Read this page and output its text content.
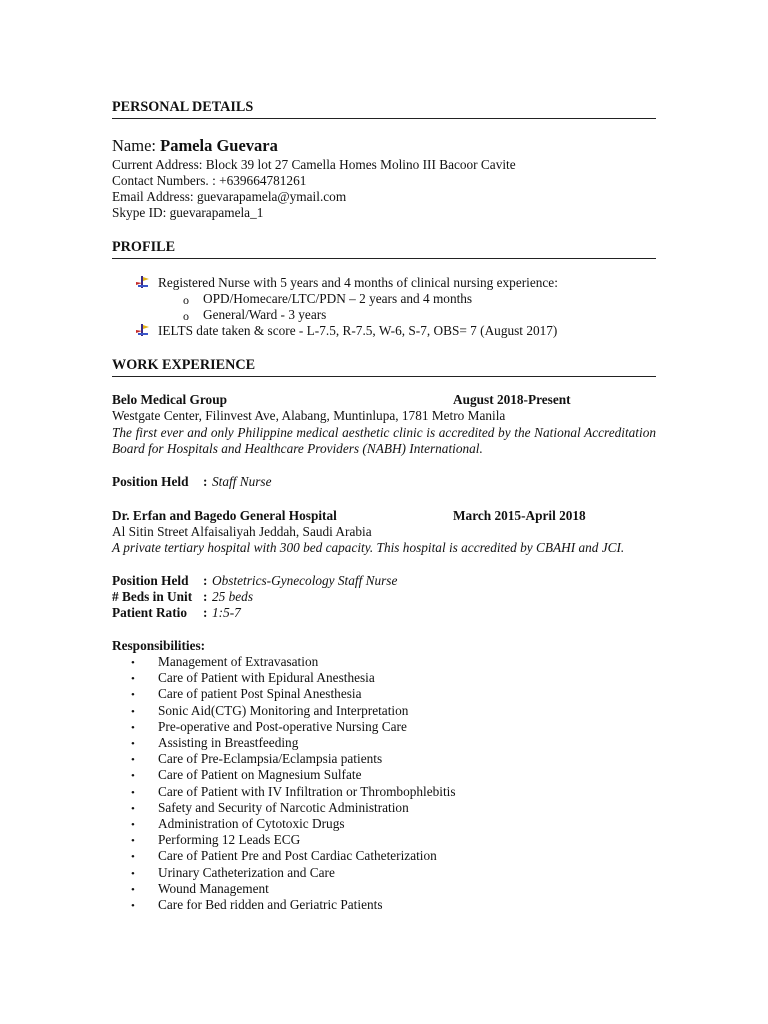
PERSONAL DETAILS
Name: Pamela Guevara
Current Address: Block 39 lot 27 Camella Homes Molino III Bacoor Cavite
Contact Numbers. : +639664781261
Email Address: guevarapamela@ymail.com
Skype ID: guevarapamela_1
PROFILE
Registered Nurse with 5 years and 4 months of clinical nursing experience:
o OPD/Homecare/LTC/PDN – 2 years and 4 months
o General/Ward - 3 years
IELTS date taken & score - L-7.5, R-7.5, W-6, S-7, OBS= 7 (August 2017)
WORK EXPERIENCE
Belo Medical Group	August 2018-Present
Westgate Center, Filinvest Ave, Alabang, Muntinlupa, 1781 Metro Manila
The first ever and only Philippine medical aesthetic clinic is accredited by the National Accreditation Board for Hospitals and Healthcare Providers (NABH) International.
Position Held : Staff Nurse
Dr. Erfan and Bagedo General Hospital	March 2015-April 2018
Al Sitin Street Alfaisaliyah Jeddah, Saudi Arabia
A private tertiary hospital with 300 bed capacity. This hospital is accredited by CBAHI and JCI.
Position Held : Obstetrics-Gynecology Staff Nurse
# Beds in Unit : 25 beds
Patient Ratio : 1:5-7
Responsibilities:
• Management of Extravasation
• Care of Patient with Epidural Anesthesia
• Care of patient Post Spinal Anesthesia
• Sonic Aid(CTG) Monitoring and Interpretation
• Pre-operative and Post-operative Nursing Care
• Assisting in Breastfeeding
• Care of Pre-Eclampsia/Eclampsia patients
• Care of Patient on Magnesium Sulfate
• Care of Patient with IV Infiltration or Thrombophlebitis
• Safety and Security of Narcotic Administration
• Administration of Cytotoxic Drugs
• Performing 12 Leads ECG
• Care of Patient Pre and Post Cardiac Catheterization
• Urinary Catheterization and Care
• Wound Management
• Care for Bed ridden and Geriatric Patients
